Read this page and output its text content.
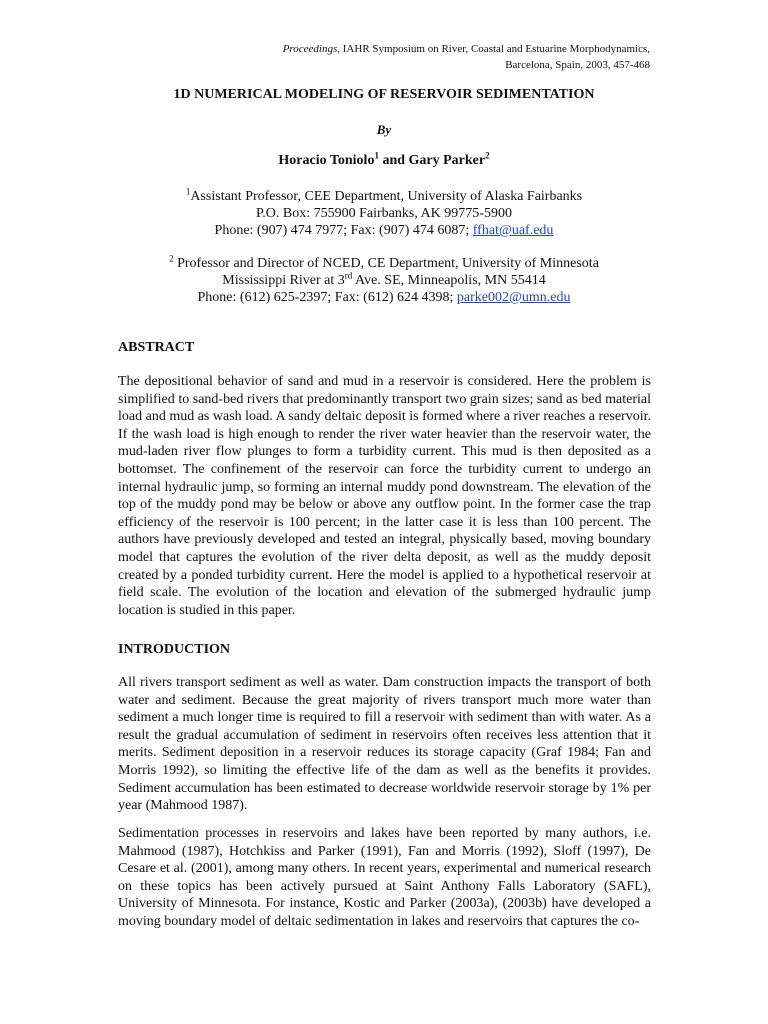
Proceedings, IAHR Symposium on River, Coastal and Estuarine Morphodynamics,
Barcelona, Spain, 2003, 457-468
1D NUMERICAL MODELING OF RESERVOIR SEDIMENTATION
By
Horacio Toniolo$^1$ and Gary Parker$^2$
$^1$Assistant Professor, CEE Department, University of Alaska Fairbanks
P.O. Box: 755900 Fairbanks, AK 99775-5900
Phone: (907) 474 7977; Fax: (907) 474 6087; ffhat@uaf.edu
$^2$ Professor and Director of NCED, CE Department, University of Minnesota
Mississippi River at 3rd Ave. SE, Minneapolis, MN 55414
Phone: (612) 625-2397; Fax: (612) 624 4398; parke002@umn.edu
ABSTRACT

The depositional behavior of sand and mud in a reservoir is considered. Here the problem is simplified to sand-bed rivers that predominantly transport two grain sizes; sand as bed material load and mud as wash load. A sandy deltaic deposit is formed where a river reaches a reservoir. If the wash load is high enough to render the river water heavier than the reservoir water, the mud-laden river flow plunges to form a turbidity current. This mud is then deposited as a bottomset. The confinement of the reservoir can force the turbidity current to undergo an internal hydraulic jump, so forming an internal muddy pond downstream. The elevation of the top of the muddy pond may be below or above any outflow point. In the former case the trap efficiency of the reservoir is 100 percent; in the latter case it is less than 100 percent. The authors have previously developed and tested an integral, physically based, moving boundary model that captures the evolution of the river delta deposit, as well as the muddy deposit created by a ponded turbidity current. Here the model is applied to a hypothetical reservoir at field scale. The evolution of the location and elevation of the submerged hydraulic jump location is studied in this paper.

INTRODUCTION

All rivers transport sediment as well as water. Dam construction impacts the transport of both water and sediment. Because the great majority of rivers transport much more water than sediment a much longer time is required to fill a reservoir with sediment than with water. As a result the gradual accumulation of sediment in reservoirs often receives less attention that it merits. Sediment deposition in a reservoir reduces its storage capacity (Graf 1984; Fan and Morris 1992), so limiting the effective life of the dam as well as the benefits it provides. Sediment accumulation has been estimated to decrease worldwide reservoir storage by 1% per year (Mahmood 1987).

Sedimentation processes in reservoirs and lakes have been reported by many authors, i.e. Mahmood (1987), Hotchkiss and Parker (1991), Fan and Morris (1992), Sloff (1997), De Cesare et al. (2001), among many others. In recent years, experimental and numerical research on these topics has been actively pursued at Saint Anthony Falls Laboratory (SAFL), University of Minnesota. For instance, Kostic and Parker (2003a), (2003b) have developed a moving boundary model of deltaic sedimentation in lakes and reservoirs that captures the co-
